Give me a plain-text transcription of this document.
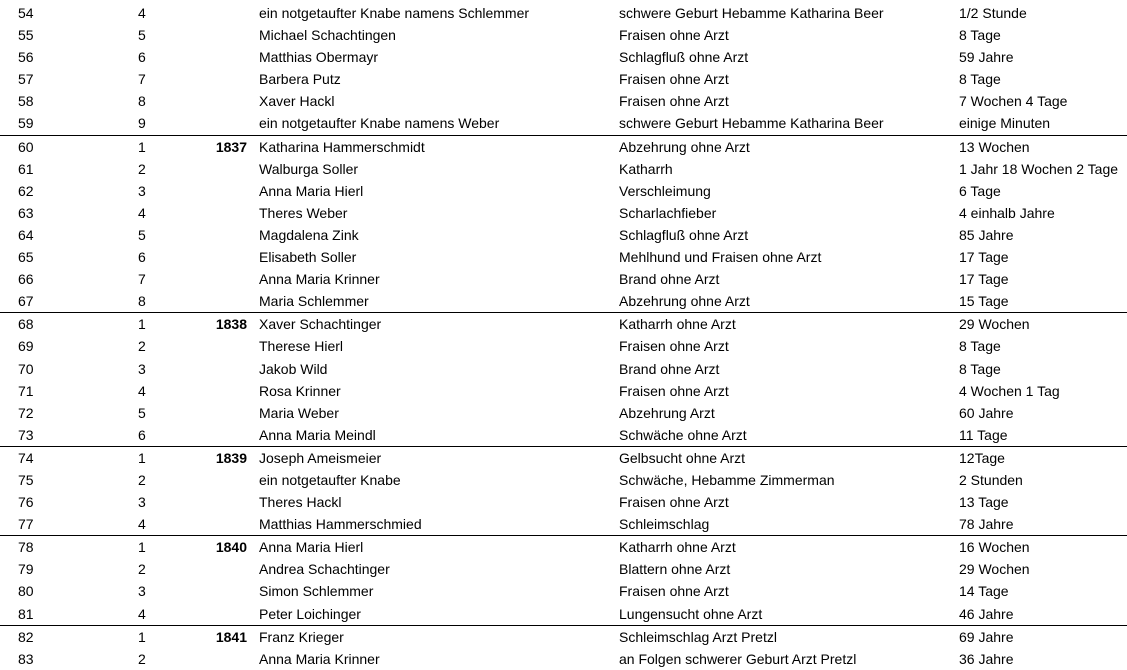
54	4	ein notgetaufter Knabe namens Schlemmer	schwere Geburt Hebamme Katharina Beer	1/2 Stunde
55	5	Michael Schachtingen	Fraisen ohne Arzt	8 Tage
56	6	Matthias Obermayr	Schlagfluß ohne Arzt	59 Jahre
57	7	Barbera Putz	Fraisen ohne Arzt	8 Tage
58	8	Xaver Hackl	Fraisen ohne Arzt	7 Wochen 4 Tage
59	9	ein notgetaufter Knabe namens Weber	schwere Geburt Hebamme Katharina Beer	einige Minuten
60	1	1837 Katharina Hammerschmidt	Abzehrung ohne Arzt	13 Wochen
61	2	Walburga Soller	Katharrh	1 Jahr 18 Wochen 2 Tage
62	3	Anna Maria Hierl	Verschleimung	6 Tage
63	4	Theres Weber	Scharlachfieber	4 einhalb Jahre
64	5	Magdalena Zink	Schlagfluß ohne Arzt	85 Jahre
65	6	Elisabeth Soller	Mehlhund und Fraisen ohne Arzt	17 Tage
66	7	Anna Maria Krinner	Brand ohne Arzt	17 Tage
67	8	Maria Schlemmer	Abzehrung ohne Arzt	15 Tage
68	1	1838 Xaver Schachtinger	Katharrh ohne Arzt	29 Wochen
69	2	Therese Hierl	Fraisen ohne Arzt	8 Tage
70	3	Jakob Wild	Brand ohne Arzt	8 Tage
71	4	Rosa Krinner	Fraisen ohne Arzt	4 Wochen 1 Tag
72	5	Maria Weber	Abzehrung Arzt	60 Jahre
73	6	Anna Maria Meindl	Schwäche ohne Arzt	11 Tage
74	1	1839 Joseph Ameismeier	Gelbsucht ohne Arzt	12Tage
75	2	ein notgetaufter Knabe	Schwäche, Hebamme Zimmerman	2 Stunden
76	3	Theres Hackl	Fraisen ohne Arzt	13 Tage
77	4	Matthias Hammerschmied	Schleimschlag	78 Jahre
78	1	1840 Anna Maria Hierl	Katharrh ohne Arzt	16 Wochen
79	2	Andrea Schachtinger	Blattern ohne Arzt	29 Wochen
80	3	Simon Schlemmer	Fraisen ohne Arzt	14 Tage
81	4	Peter Loichinger	Lungensucht ohne Arzt	46 Jahre
82	1	1841 Franz Krieger	Schleimschlag Arzt Pretzl	69 Jahre
83	2	Anna Maria Krinner	an Folgen schwerer Geburt Arzt Pretzl	36 Jahre
